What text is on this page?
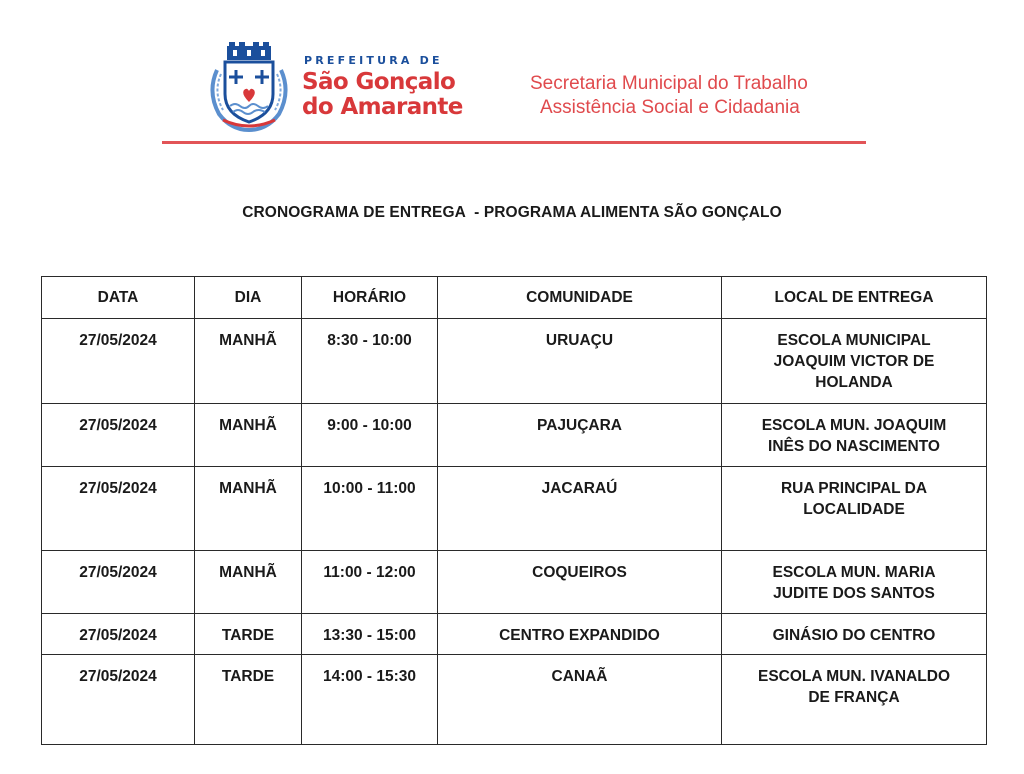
PREFEITURA DE
São Gonçalo
do Amarante
Secretaria Municipal do Trabalho
Assistência Social e Cidadania
CRONOGRAMA DE ENTREGA  - PROGRAMA ALIMENTA SÃO GONÇALO
DATA	DIA	HORÁRIO	COMUNIDADE	LOCAL DE ENTREGA

27/05/2024	MANHÃ	8:30 - 10:00	URUAÇU	ESCOLA MUNICIPAL
JOAQUIM VICTOR DE
HOLANDA

27/05/2024	MANHÃ	9:00 - 10:00	PAJUÇARA	ESCOLA MUN. JOAQUIM
INÊS DO NASCIMENTO

27/05/2024	MANHÃ	10:00 - 11:00	JACARAÚ	RUA PRINCIPAL DA
LOCALIDADE

27/05/2024	MANHÃ	11:00 - 12:00	COQUEIROS	ESCOLA MUN. MARIA
JUDITE DOS SANTOS

27/05/2024	TARDE	13:30 - 15:00	CENTRO EXPANDIDO	GINÁSIO DO CENTRO

27/05/2024	TARDE	14:00 - 15:30	CANAÃ	ESCOLA MUN. IVANALDO
DE FRANÇA
